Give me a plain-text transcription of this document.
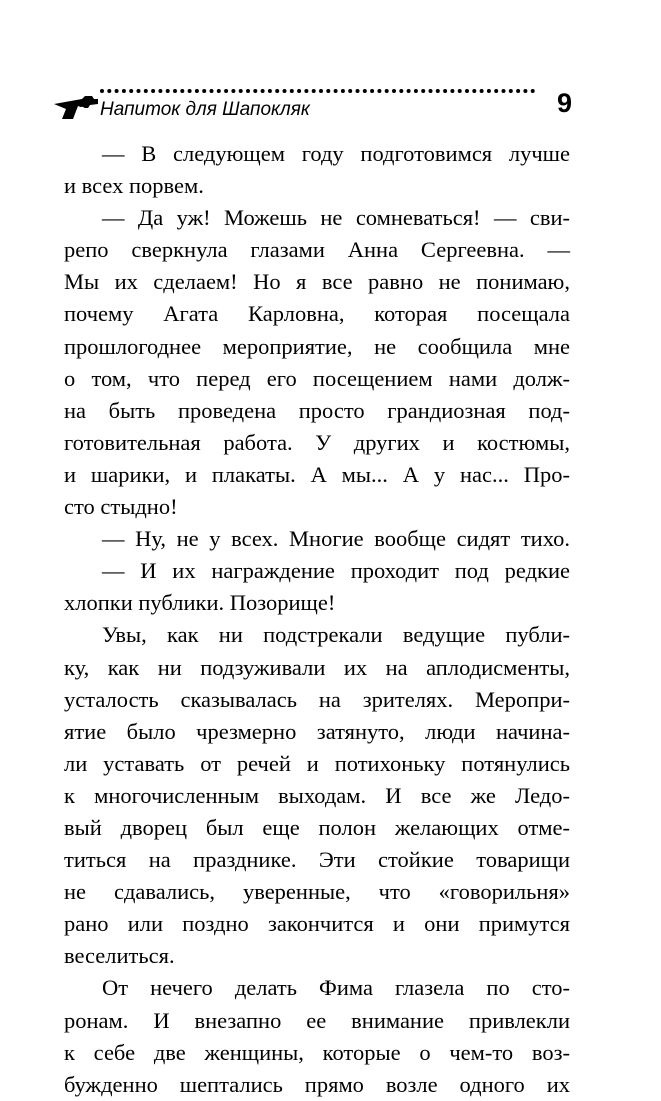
Напиток для Шапокляк	9
— В следующем году подготовимся лучше
и всех порвем.
— Да уж! Можешь не сомневаться! — сви-
репо сверкнула глазами Анна Сергеевна. —
Мы их сделаем! Но я все равно не понимаю,
почему Агата Карловна, которая посещала
прошлогоднее мероприятие, не сообщила мне
о том, что перед его посещением нами долж-
на быть проведена просто грандиозная под-
готовительная работа. У других и костюмы,
и шарики, и плакаты. А мы... А у нас... Про-
сто стыдно!
— Ну, не у всех. Многие вообще сидят тихо.
— И их награждение проходит под редкие
хлопки публики. Позорище!
Увы, как ни подстрекали ведущие публи-
ку, как ни подзуживали их на аплодисменты,
усталость сказывалась на зрителях. Меропри-
ятие было чрезмерно затянуто, люди начина-
ли уставать от речей и потихоньку потянулись
к многочисленным выходам. И все же Ледо-
вый дворец был еще полон желающих отме-
титься на празднике. Эти стойкие товарищи
не сдавались, уверенные, что «говорильня»
рано или поздно закончится и они примутся
веселиться.
От нечего делать Фима глазела по сто-
ронам. И внезапно ее внимание привлекли
к себе две женщины, которые о чем-то воз-
бужденно шептались прямо возле одного их
